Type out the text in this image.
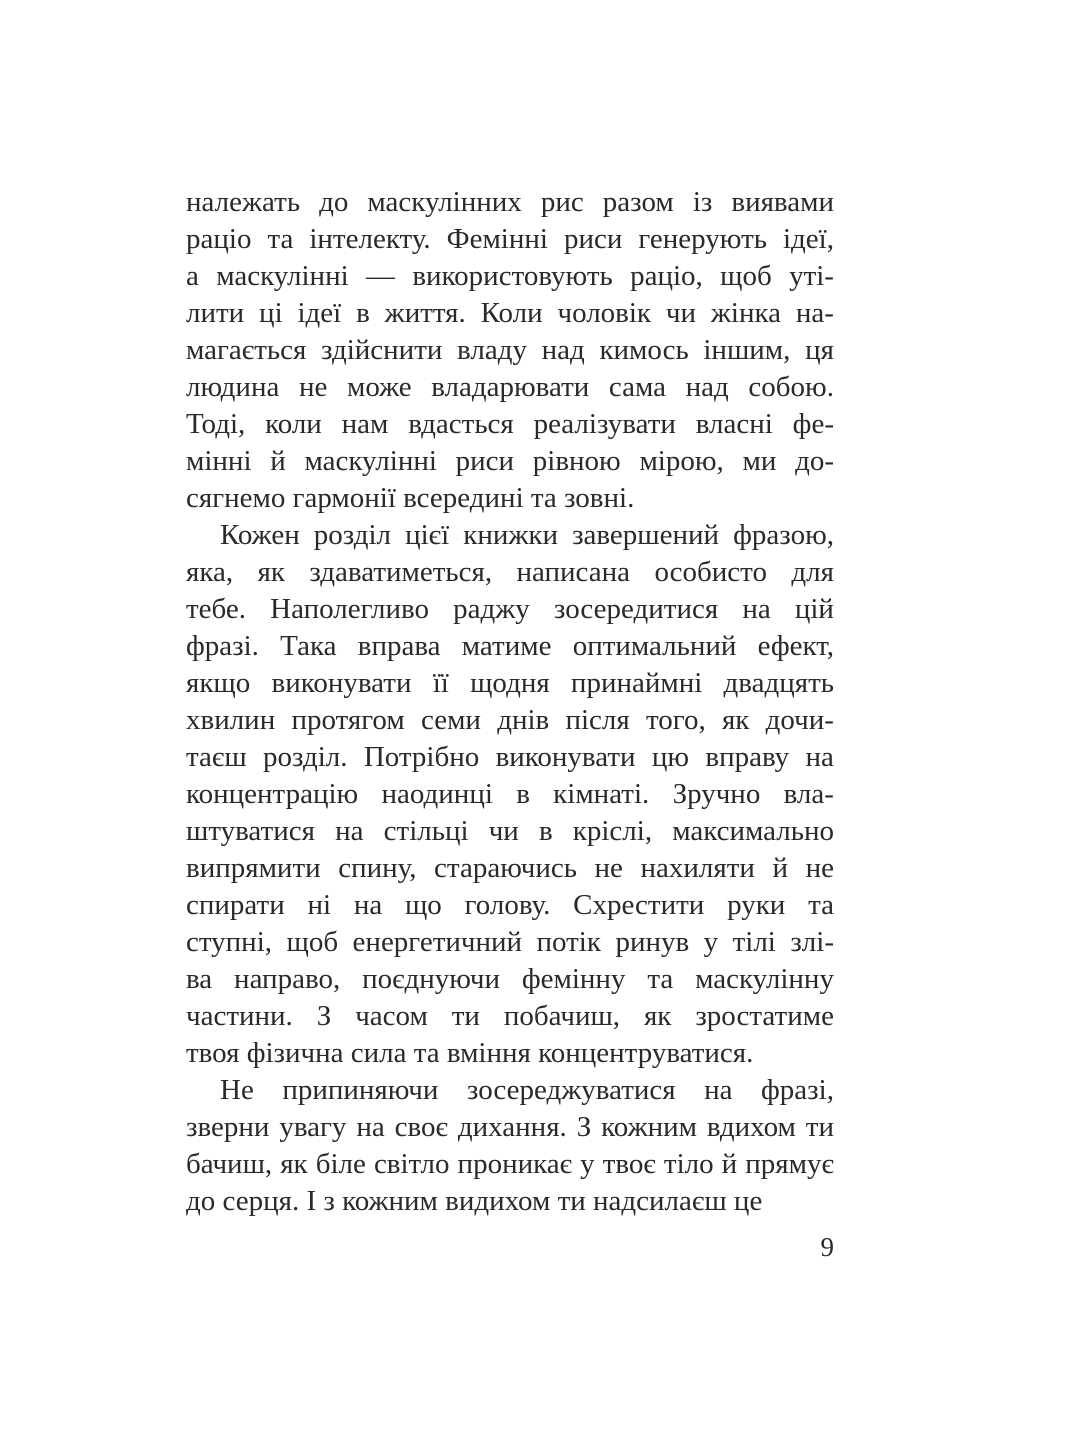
належать до маскулінних рис разом із виявами
раціо та інтелекту. Фемінні риси генерують ідеї,
а маскулінні — використовують раціо, щоб уті-
лити ці ідеї в життя. Коли чоловік чи жінка на-
магається здійснити владу над кимось іншим, ця
людина не може владарювати сама над собою.
Тоді, коли нам вдасться реалізувати власні фе-
мінні й маскулінні риси рівною мірою, ми до-
сягнемо гармонії всередині та зовні.
Кожен розділ цієї книжки завершений фразою,
яка, як здаватиметься, написана особисто для
тебе. Наполегливо раджу зосередитися на цій
фразі. Така вправа матиме оптимальний ефект,
якщо виконувати її щодня принаймні двадцять
хвилин протягом семи днів після того, як дочи-
таєш розділ. Потрібно виконувати цю вправу на
концентрацію наодинці в кімнаті. Зручно вла-
штуватися на стільці чи в кріслі, максимально
випрямити спину, стараючись не нахиляти й не
спирати ні на що голову. Схрестити руки та
ступні, щоб енергетичний потік ринув у тілі злі-
ва направо, поєднуючи фемінну та маскулінну
частини. З часом ти побачиш, як зростатиме
твоя фізична сила та вміння концентруватися.
Не припиняючи зосереджуватися на фразі,
зверни увагу на своє дихання. З кожним вдихом ти
бачиш, як біле світло проникає у твоє тіло й прямує
до серця. І з кожним видихом ти надсилаєш це
9
